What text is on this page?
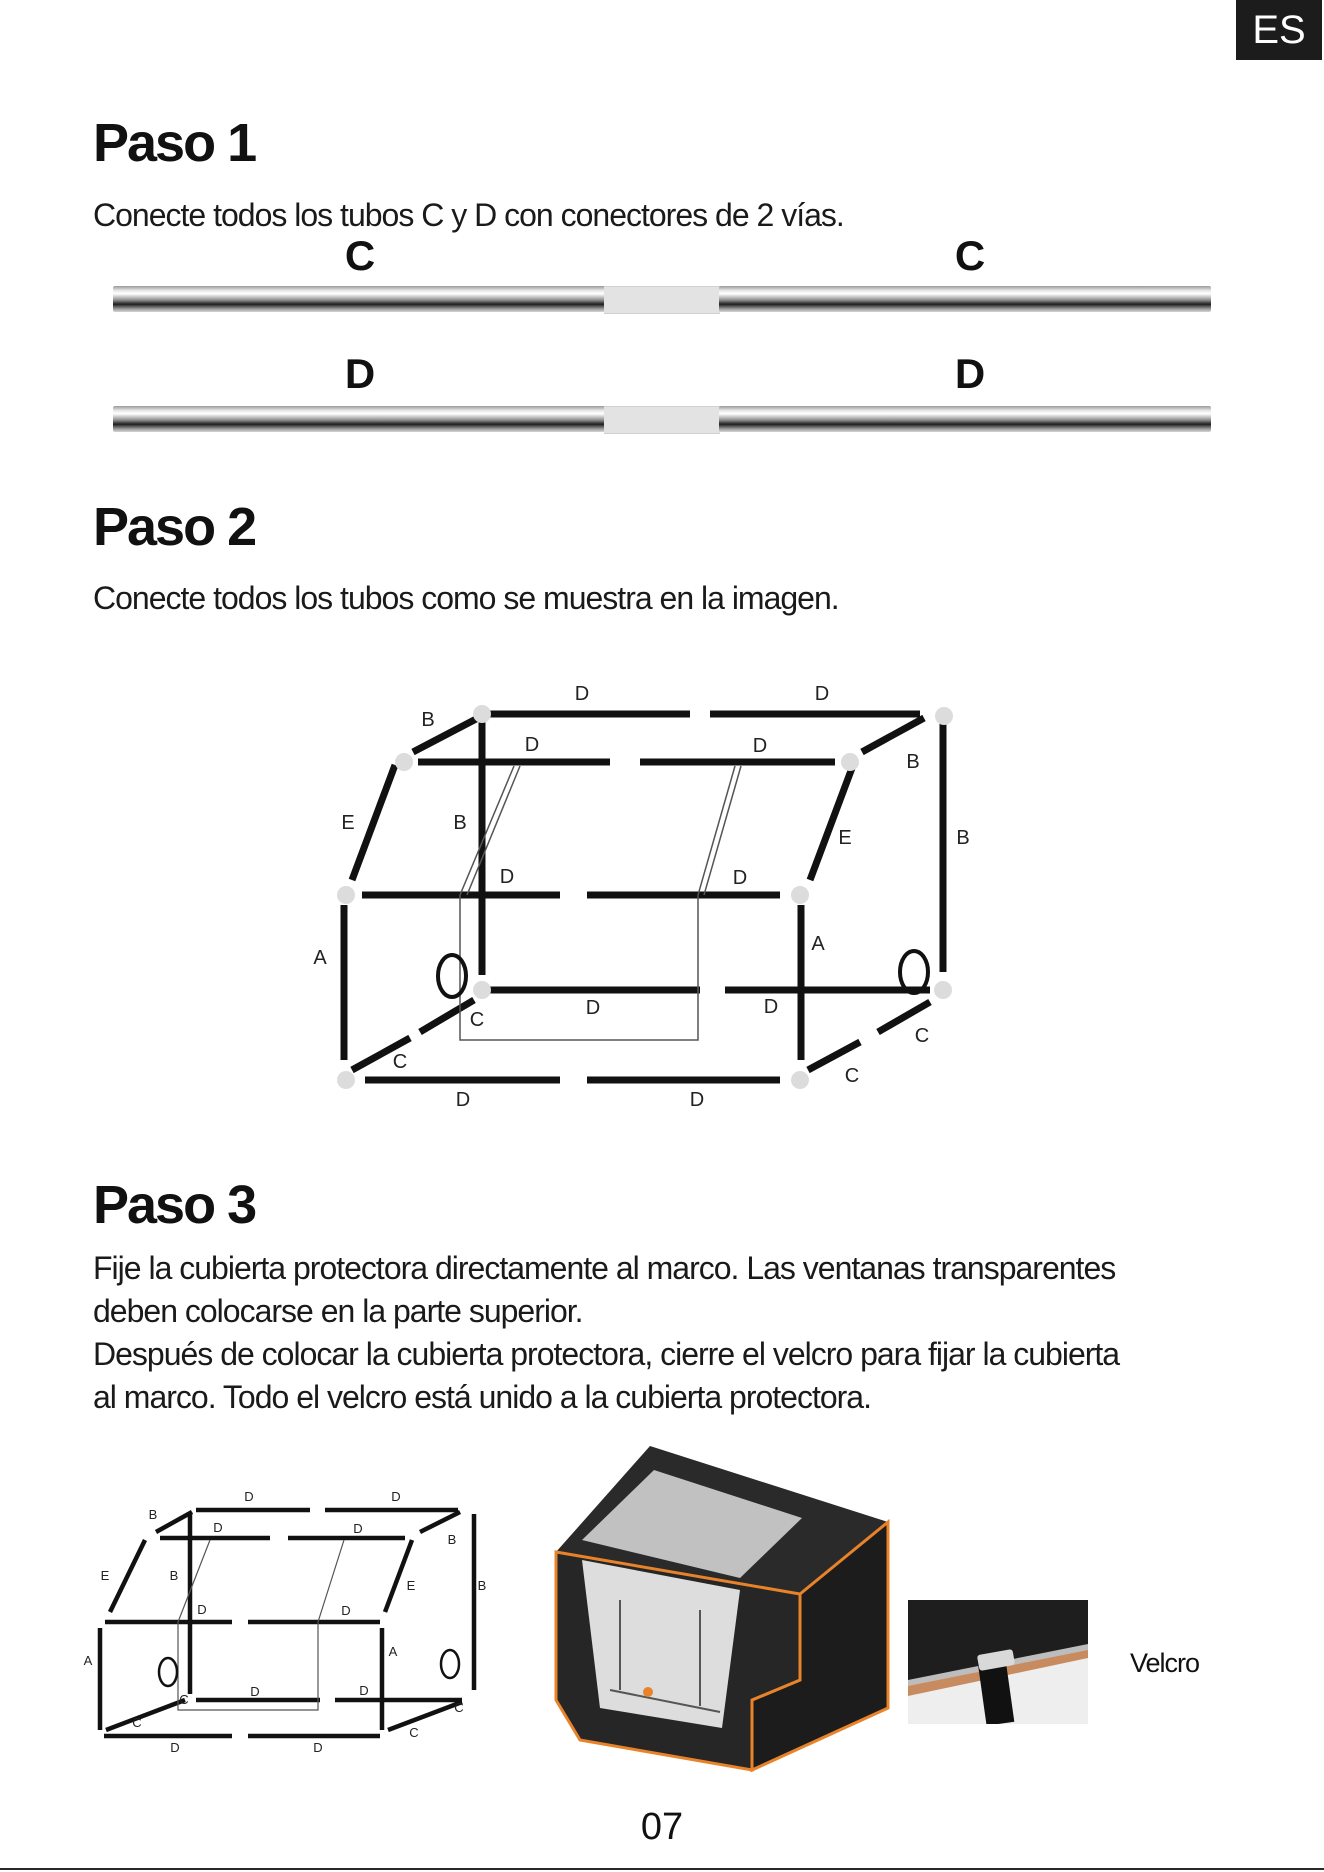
ES
Paso 1

Conecte todos los tubos C y D con conectores de 2 vías.

C	C
D	D
Paso 2

Conecte todos los tubos como se muestra en la imagen.

D	D
B
D	D
B
E	B
E	B
D	D
A
A
D	D
C
C
C
C
D	D
Paso 3

Fije la cubierta protectora directamente al marco. Las ventanas transparentes

deben colocarse en la parte superior.

Después de colocar la cubierta protectora, cierre el velcro para fijar la cubierta

al marco. Todo el velcro está unido a la cubierta protectora.

D	D
B
D	D
B
E	B
E	B
D	D
A
A
D	D
C
C
C
C
D	D
Velcro
07
